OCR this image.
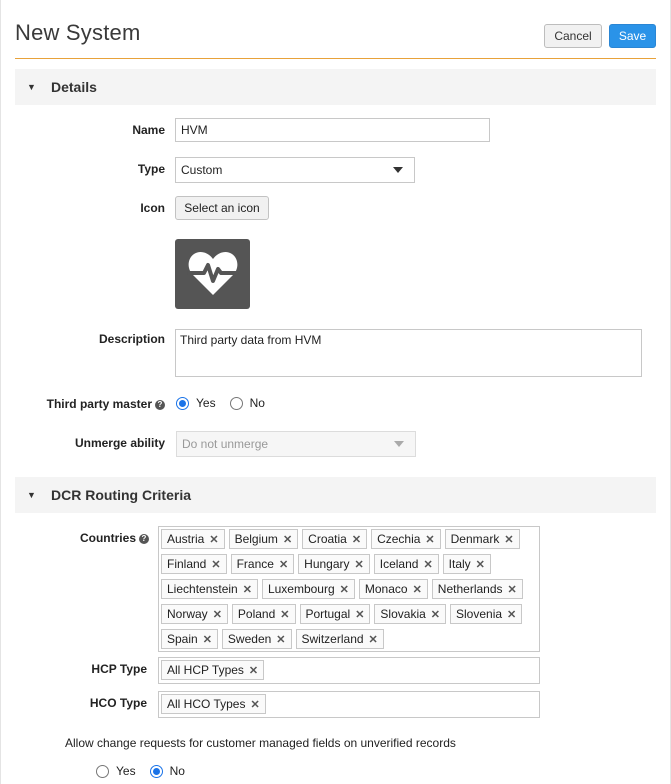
New System	Cancel	Save
▼ Details
Name	HVM
Type Custom
Icon	Select an icon
Description	Third party data from HVM
Third party master ?	Yes	No
Unmerge ability Do not unmerge
▼ DCR Routing Criteria
Countries ? Austria ✕ Belgium ✕ Croatia ✕ Czechia ✕ Denmark ✕
Finland ✕ France ✕ Hungary ✕ Iceland ✕ Italy ✕
Liechtenstein ✕ Luxembourg ✕ Monaco ✕ Netherlands ✕
Norway ✕ Poland ✕ Portugal ✕ Slovakia ✕ Slovenia ✕
Spain ✕ Sweden ✕ Switzerland ✕
HCP Type All HCP Types ✕
HCO Type All HCO Types ✕
Allow change requests for customer managed fields on unverified records
Yes	No
